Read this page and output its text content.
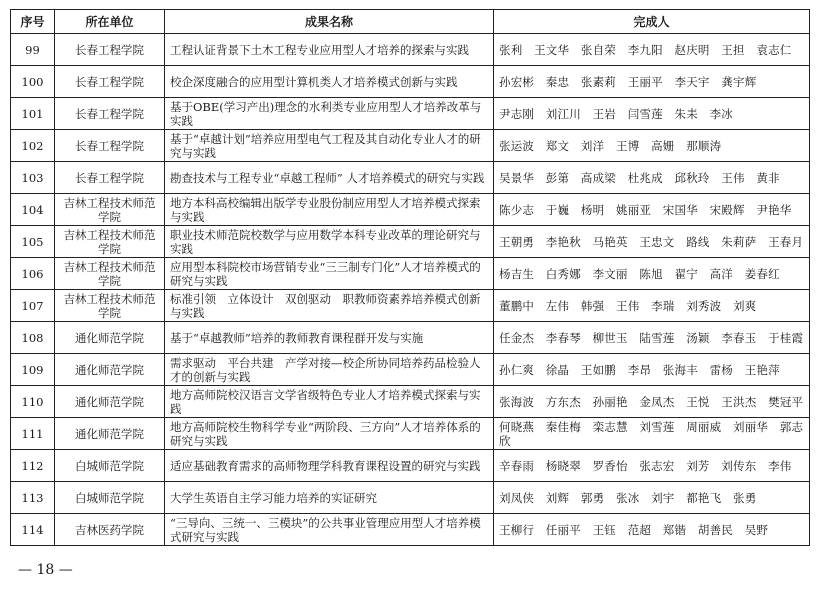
序号	所在单位	成果名称	完成人
99	长春工程学院	工程认证背景下土木工程专业应用型人才培养的探索与实践	张利　王文华　张自荣　李九阳　赵庆明　王担　袁志仁
100	长春工程学院	校企深度融合的应用型计算机类人才培养模式创新与实践	孙宏彬　秦忠　张素莉　王丽平　李天宇　龚宇辉
101	长春工程学院	基于OBE(学习产出)理念的水利类专业应用型人才培养改革与实践	尹志刚　刘江川　王岩　闫雪莲　朱耒　李冰
102	长春工程学院	基于“卓越计划”培养应用型电气工程及其自动化专业人才的研究与实践	张运波　郑文　刘洋　王博　高姗　那顺涛
103	长春工程学院	勘查技术与工程专业“卓越工程师” 人才培养模式的研究与实践	吴景华　彭第　高成梁　杜兆成　邱秋玲　王伟　黄非
104	吉林工程技术师范学院	地方本科高校编辑出版学专业股份制应用型人才培养模式探索与实践	陈少志　于巍　杨明　姚丽亚　宋国华　宋殿辉　尹艳华
105	吉林工程技术师范学院	职业技术师范院校数学与应用数学本科专业改革的理论研究与实践	王朝勇　李艳秋　马艳英　王忠文　路线　朱莉萨　王春月
106	吉林工程技术师范学院	应用型本科院校市场营销专业“三三制专门化”人才培养模式的研究与实践	杨吉生　白秀娜　李文丽　陈旭　翟宁　高洋　姜春红
107	吉林工程技术师范学院	标准引领　立体设计　双创驱动　职教师资素养培养模式创新与实践	董鹏中　左伟　韩强　王伟　李瑞　刘秀波　刘爽
108	通化师范学院	基于“卓越教师”培养的教师教育课程群开发与实施	任金杰　李春琴　柳世玉　陆雪莲　汤颖　李春玉　于桂霞
109	通化师范学院	需求驱动　平台共建　产学对接—校企所协同培养药品检验人才的创新与实践	孙仁爽　徐晶　王如鹏　李昂　张海丰　雷杨　王艳萍
110	通化师范学院	地方高师院校汉语言文学省级特色专业人才培养模式探索与实践	张海波　方东杰　孙丽艳　金凤杰　王悦　王洪杰　樊冠平
111	通化师范学院	地方高师院校生物科学专业“两阶段、三方向”人才培养体系的研究与实践	何晓燕　秦佳梅　栾志慧　刘雪莲　周丽威　刘丽华　郭志欣
112	白城师范学院	适应基础教育需求的高师物理学科教育课程设置的研究与实践	辛春雨　杨晓翠　罗香怡　张志宏　刘芳　刘传东　李伟
113	白城师范学院	大学生英语自主学习能力培养的实证研究	刘凤侠　刘辉　郭勇　张冰　刘宇　都艳飞　张勇
114	吉林医药学院	“三导向、三统一、三模块”的公共事业管理应用型人才培养模式研究与实践	王柳行　任丽平　王钰　范超　郑锴　胡善民　吴野
— 18 —
